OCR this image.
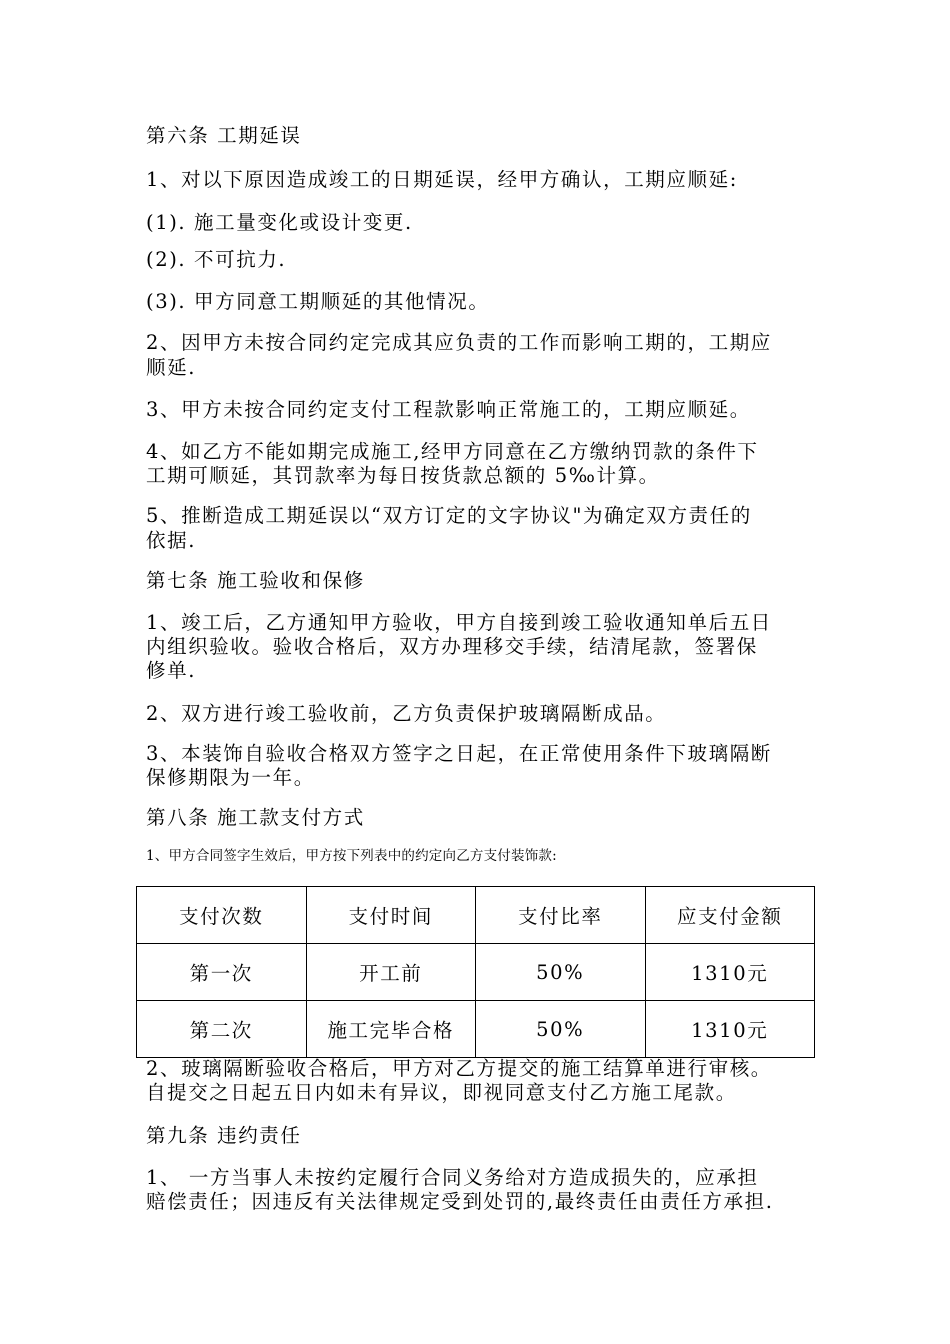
第六条 工期延误
1、对以下原因造成竣工的日期延误，经甲方确认，工期应顺延:
(1). 施工量变化或设计变更.
(2). 不可抗力.
(3). 甲方同意工期顺延的其他情况。
2、因甲方未按合同约定完成其应负责的工作而影响工期的，工期应
顺延.
3、甲方未按合同约定支付工程款影响正常施工的，工期应顺延。
4、如乙方不能如期完成施工,经甲方同意在乙方缴纳罚款的条件下
工期可顺延，其罚款率为每日按货款总额的 5‰计算。
5、推断造成工期延误以“双方订定的文字协议"为确定双方责任的
依据.
第七条 施工验收和保修
1、竣工后，乙方通知甲方验收，甲方自接到竣工验收通知单后五日
内组织验收。验收合格后，双方办理移交手续，结清尾款，签署保
修单.
2、双方进行竣工验收前，乙方负责保护玻璃隔断成品。
3、本装饰自验收合格双方签字之日起，在正常使用条件下玻璃隔断
保修期限为一年。
第八条 施工款支付方式
1、甲方合同签字生效后，甲方按下列表中的约定向乙方支付装饰款:
支付次数	支付时间	支付比率	应支付金额
第一次	开工前	50%	1310元
第二次	施工完毕合格	50%	1310元
2、玻璃隔断验收合格后，甲方对乙方提交的施工结算单进行审核。
自提交之日起五日内如未有异议，即视同意支付乙方施工尾款。
第九条 违约责任
1、 一方当事人未按约定履行合同义务给对方造成损失的，应承担
赔偿责任；因违反有关法律规定受到处罚的,最终责任由责任方承担.
